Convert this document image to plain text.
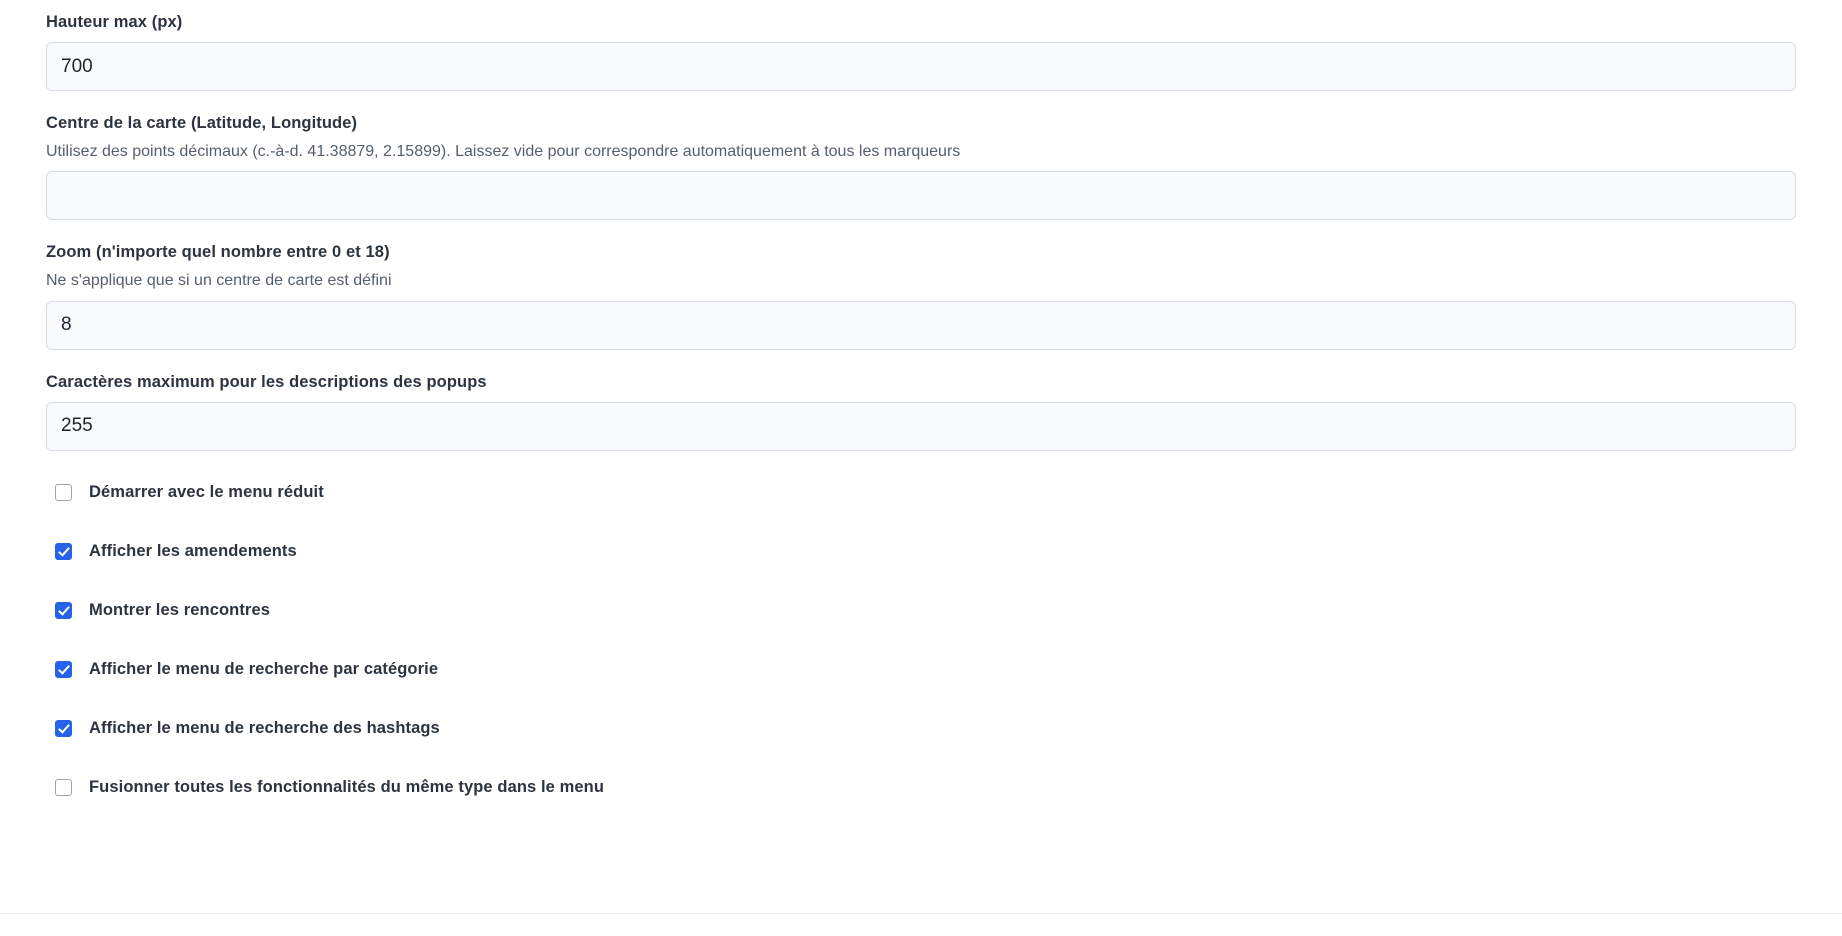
Hauteur max (px)
700
Centre de la carte (Latitude, Longitude)
Utilisez des points décimaux (c.-à-d. 41.38879, 2.15899). Laissez vide pour correspondre automatiquement à tous les marqueurs
Zoom (n'importe quel nombre entre 0 et 18)
Ne s'applique que si un centre de carte est défini
8
Caractères maximum pour les descriptions des popups
255
Démarrer avec le menu réduit
Afficher les amendements
Montrer les rencontres
Afficher le menu de recherche par catégorie
Afficher le menu de recherche des hashtags
Fusionner toutes les fonctionnalités du même type dans le menu
